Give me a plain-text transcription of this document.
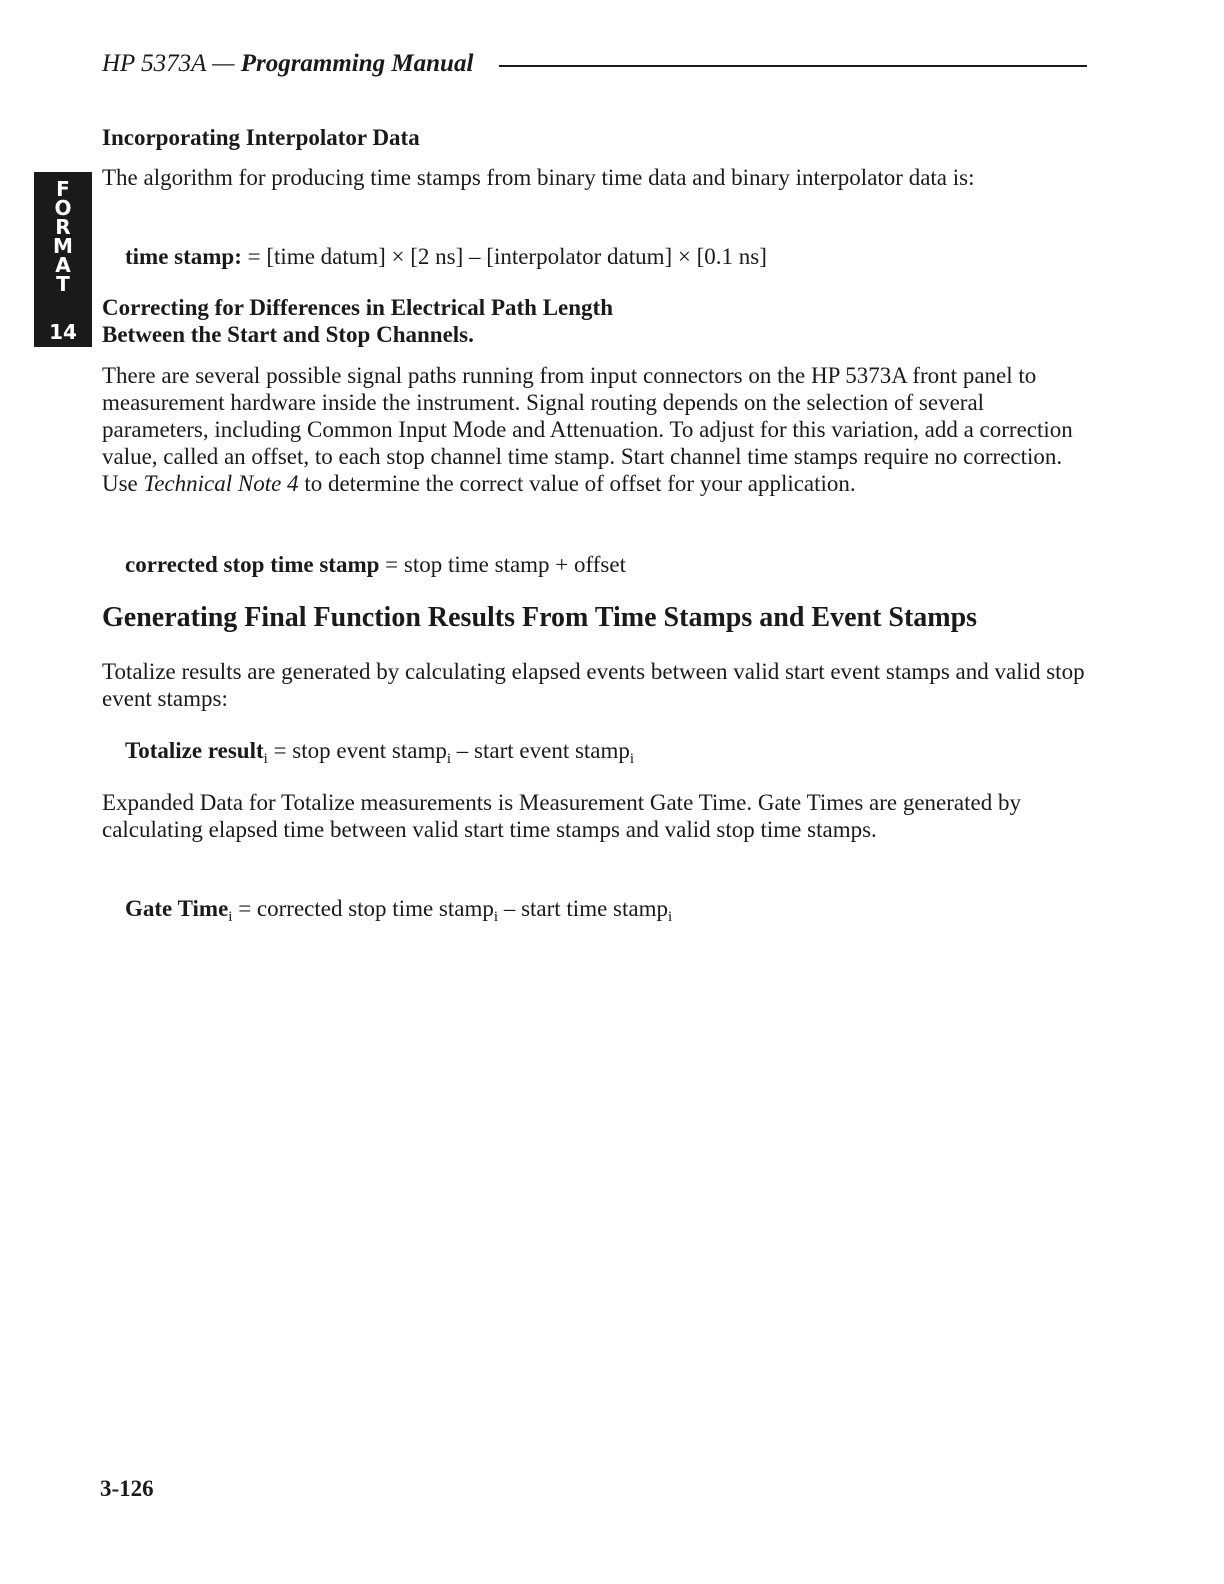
HP 5373A — Programming Manual
F
O
R
M
A
T
14
Incorporating Interpolator Data
The algorithm for producing time stamps from binary time data and binary interpolator data is:
time stamp: = [time datum] × [2 ns] – [interpolator datum] × [0.1 ns]
Correcting for Differences in Electrical Path Length
Between the Start and Stop Channels.
There are several possible signal paths running from input connectors on the HP 5373A front panel to measurement hardware inside the instrument. Signal routing depends on the selection of several parameters, including Common Input Mode and Attenuation. To adjust for this variation, add a correction value, called an offset, to each stop channel time stamp. Start channel time stamps require no correction. Use Technical Note 4 to determine the correct value of offset for your application.
corrected stop time stamp = stop time stamp + offset
Generating Final Function Results From Time Stamps and Event Stamps
Totalize results are generated by calculating elapsed events between valid start event stamps and valid stop event stamps:
Totalize result$_i$ = stop event stamp$_i$ – start event stamp$_i$
Expanded Data for Totalize measurements is Measurement Gate Time. Gate Times are generated by calculating elapsed time between valid start time stamps and valid stop time stamps.
Gate Time$_i$ = corrected stop time stamp$_i$ – start time stamp$_i$
3-126
